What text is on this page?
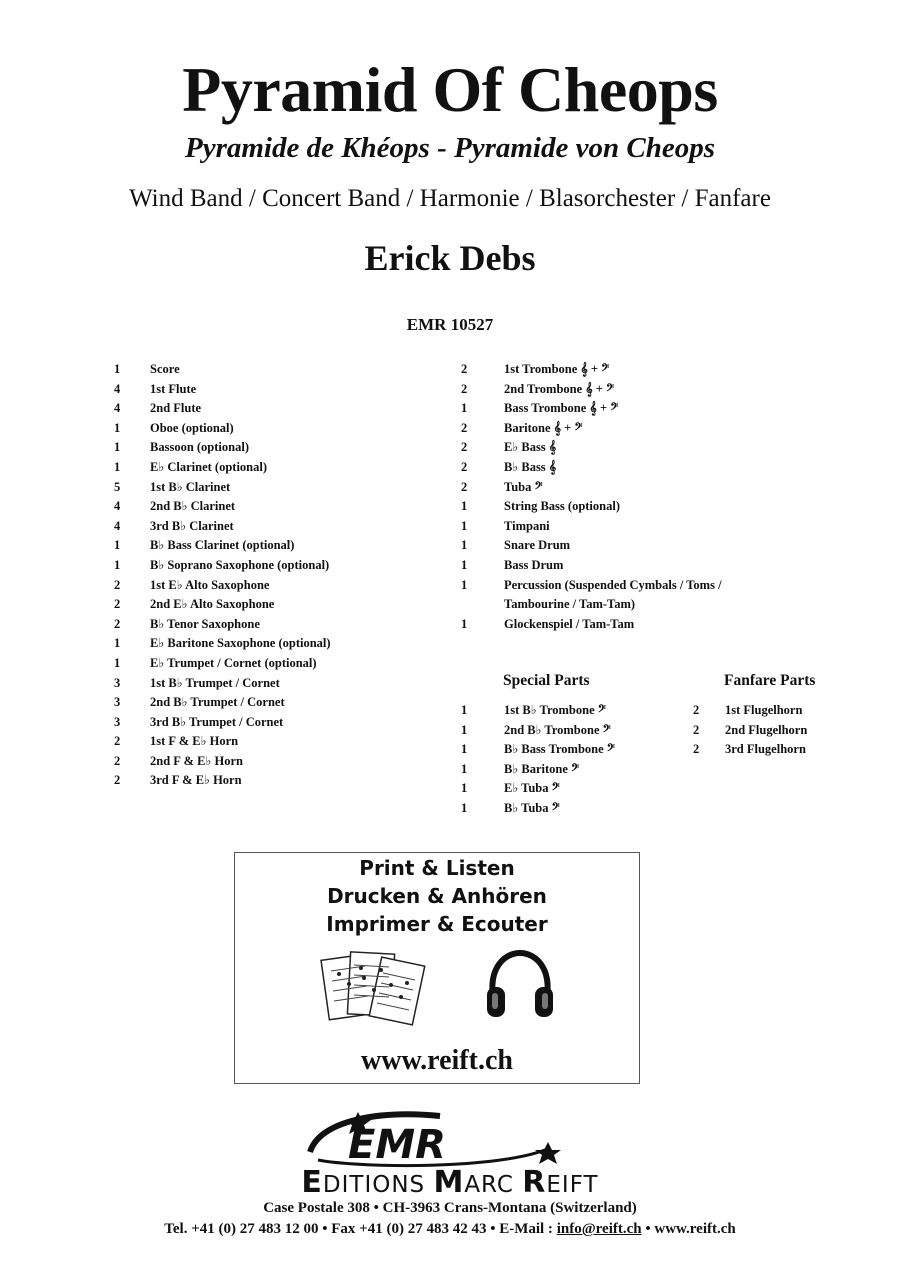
Pyramid Of Cheops
Pyramide de Khéops - Pyramide von Cheops
Wind Band / Concert Band / Harmonie / Blasorchester / Fanfare
Erick Debs
EMR 10527
1 Score
4 1st Flute
4 2nd Flute
1 Oboe (optional)
1 Bassoon (optional)
1 E♭ Clarinet (optional)
5 1st B♭ Clarinet
4 2nd B♭ Clarinet
4 3rd B♭ Clarinet
1 B♭ Bass Clarinet (optional)
1 B♭ Soprano Saxophone (optional)
2 1st E♭ Alto Saxophone
2 2nd E♭ Alto Saxophone
2 B♭ Tenor Saxophone
1 E♭ Baritone Saxophone (optional)
1 E♭ Trumpet / Cornet (optional)
3 1st B♭ Trumpet / Cornet
3 2nd B♭ Trumpet / Cornet
3 3rd B♭ Trumpet / Cornet
2 1st F & E♭ Horn
2 2nd F & E♭ Horn
2 3rd F & E♭ Horn
2	1st Trombone 𝄞 + 𝄢
2	2nd Trombone 𝄞 + 𝄢
1	Bass Trombone 𝄞 + 𝄢
2	Baritone 𝄞 + 𝄢
2	E♭ Bass 𝄞
2	B♭ Bass 𝄞
2	Tuba 𝄢
1	String Bass (optional)
1	Timpani
1	Snare Drum
1	Bass Drum
1	Percussion (Suspended Cymbals / Toms /
Tambourine / Tam-Tam)
1	Glockenspiel / Tam-Tam
Special Parts	Fanfare Parts
1	1st B♭ Trombone 𝄢
1	2nd B♭ Trombone 𝄢
1	B♭ Bass Trombone 𝄢
1	B♭ Baritone 𝄢
1	E♭ Tuba 𝄢
1	B♭ Tuba 𝄢
2 1st Flugelhorn
2 2nd Flugelhorn
2 3rd Flugelhorn
Print & Listen
Drucken & Anhören
Imprimer & Ecouter
www.reift.ch
EMR
EDITIONS MARC REIFT
Case Postale 308 • CH-3963 Crans-Montana (Switzerland)
Tel. +41 (0) 27 483 12 00 • Fax +41 (0) 27 483 42 43 • E-Mail : info@reift.ch • www.reift.ch
